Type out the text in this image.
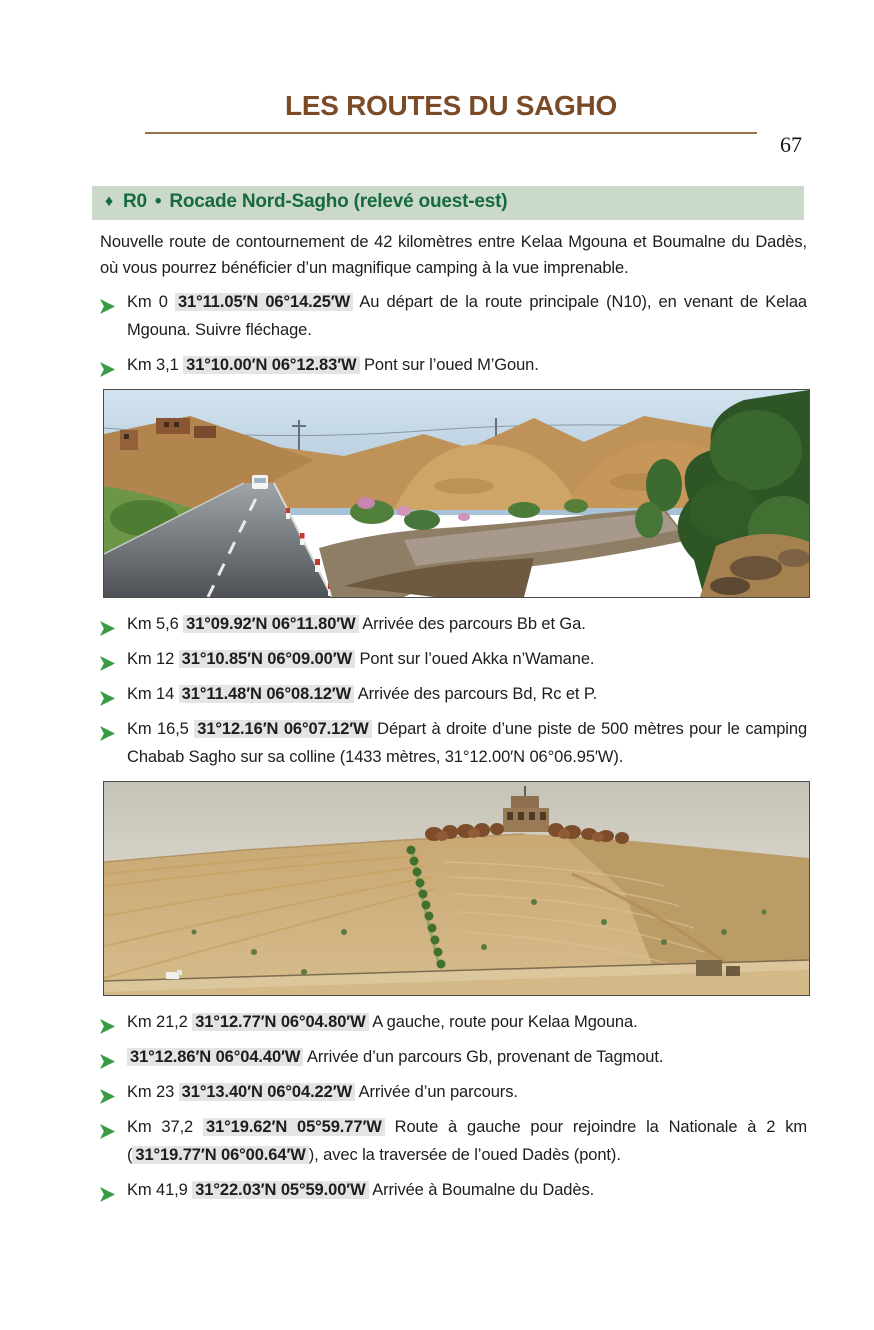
67
LES ROUTES DU SAGHO
♦ R0 • Rocade Nord-Sagho (relevé ouest-est)

Nouvelle route de contournement de 42 kilomètres entre Kelaa Mgouna et Boumalne du Dadès, où vous pourrez bénéficier d’un magnifique camping à la vue imprenable.

Km 0 31°11.05′N 06°14.25′W Au départ de la route principale (N10), en venant de Kelaa Mgouna. Suivre fléchage.
Km 3,1 31°10.00′N 06°12.83′W Pont sur l’oued M’Goun.
Km 5,6 31°09.92′N 06°11.80′W Arrivée des parcours Bb et Ga.
Km 12 31°10.85′N 06°09.00′W Pont sur l’oued Akka n’Wamane.
Km 14 31°11.48′N 06°08.12′W Arrivée des parcours Bd, Rc et P.
Km 16,5 31°12.16′N 06°07.12′W Départ à droite d’une piste de 500 mètres pour le camping Chabab Sagho sur sa colline (1433 mètres, 31°12.00′N 06°06.95′W).
Km 21,2 31°12.77′N 06°04.80′W A gauche, route pour Kelaa Mgouna.
31°12.86′N 06°04.40′W Arrivée d’un parcours Gb, provenant de Tagmout.
Km 23 31°13.40′N 06°04.22′W Arrivée d’un parcours.
Km 37,2 31°19.62′N 05°59.77′W Route à gauche pour rejoindre la Nationale à 2 km ( 31°19.77′N 06°00.64′W ), avec la traversée de l’oued Dadès (pont).
Km 41,9 31°22.03′N 05°59.00′W Arrivée à Boumalne du Dadès.
